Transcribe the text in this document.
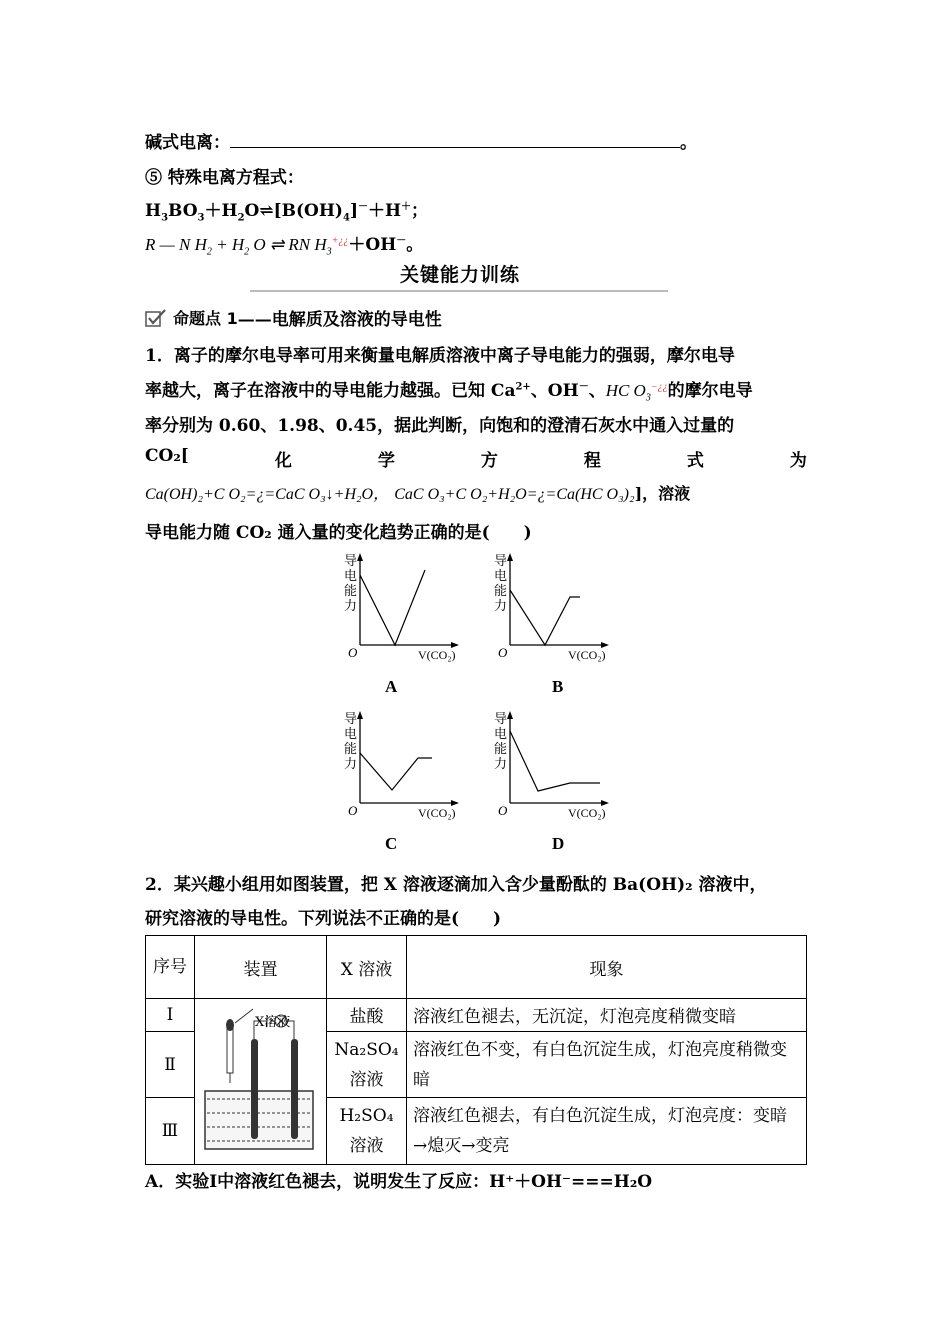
碱式电离：	。
⑤ 特殊电离方程式：
$H_3BO_3+H_2O\rightleftharpoons[B(OH)_4]^-+H^+$；
R — N $H_2 + H_2$ O ⇌ RN $H_3^{+¿¿}+OH^-$。
关键能力训练
命题点 1 ——电解质及溶液的导电性
1．离子的摩尔电导率可用来衡量电解质溶液中离子导电能力的强弱，摩尔电导
率越大，离子在溶液中的导电能力越强。已知 $Ca^{2+}$、OH－、HC $O_3^{-¿¿}$的摩尔电导
率分别为 0.60、1.98、0.45，据此判断，向饱和的澄清石灰水中通入过量的
CO₂[	化	学	方	程	式	为
Ca(OH)₂+C O₂=¿=CaC O₃↓+H₂O， CaC O₃+C O₂+H₂O=¿=Ca(HC O₃)₂]，溶液
导电能力随 CO₂ 通入量的变化趋势正确的是(　　)
导
电
能
力
O	V(CO₂)
导
电
能
力
O	V(CO₂)
导
电
能
力
O	V(CO₂)
导
电
能
力
O	V(CO₂)
A	B
C	D
2．某兴趣小组用如图装置，把 X 溶液逐滴加入含少量酚酞的 Ba(OH)₂ 溶液中，
研究溶液的导电性。下列说法不正确的是(　　)
序号	装置	X 溶液	现象
Ⅰ	X溶液	盐酸	溶液红色褪去，无沉淀，灯泡亮度稍微变暗
Ⅱ		Na₂SO₄溶液	溶液红色不变，有白色沉淀生成，灯泡亮度稍微变暗
Ⅲ		H₂SO₄溶液	溶液红色褪去，有白色沉淀生成，灯泡亮度：变暗→熄灭→变亮
A．实验Ⅰ中溶液红色褪去，说明发生了反应：H⁺＋OH⁻===H₂O
